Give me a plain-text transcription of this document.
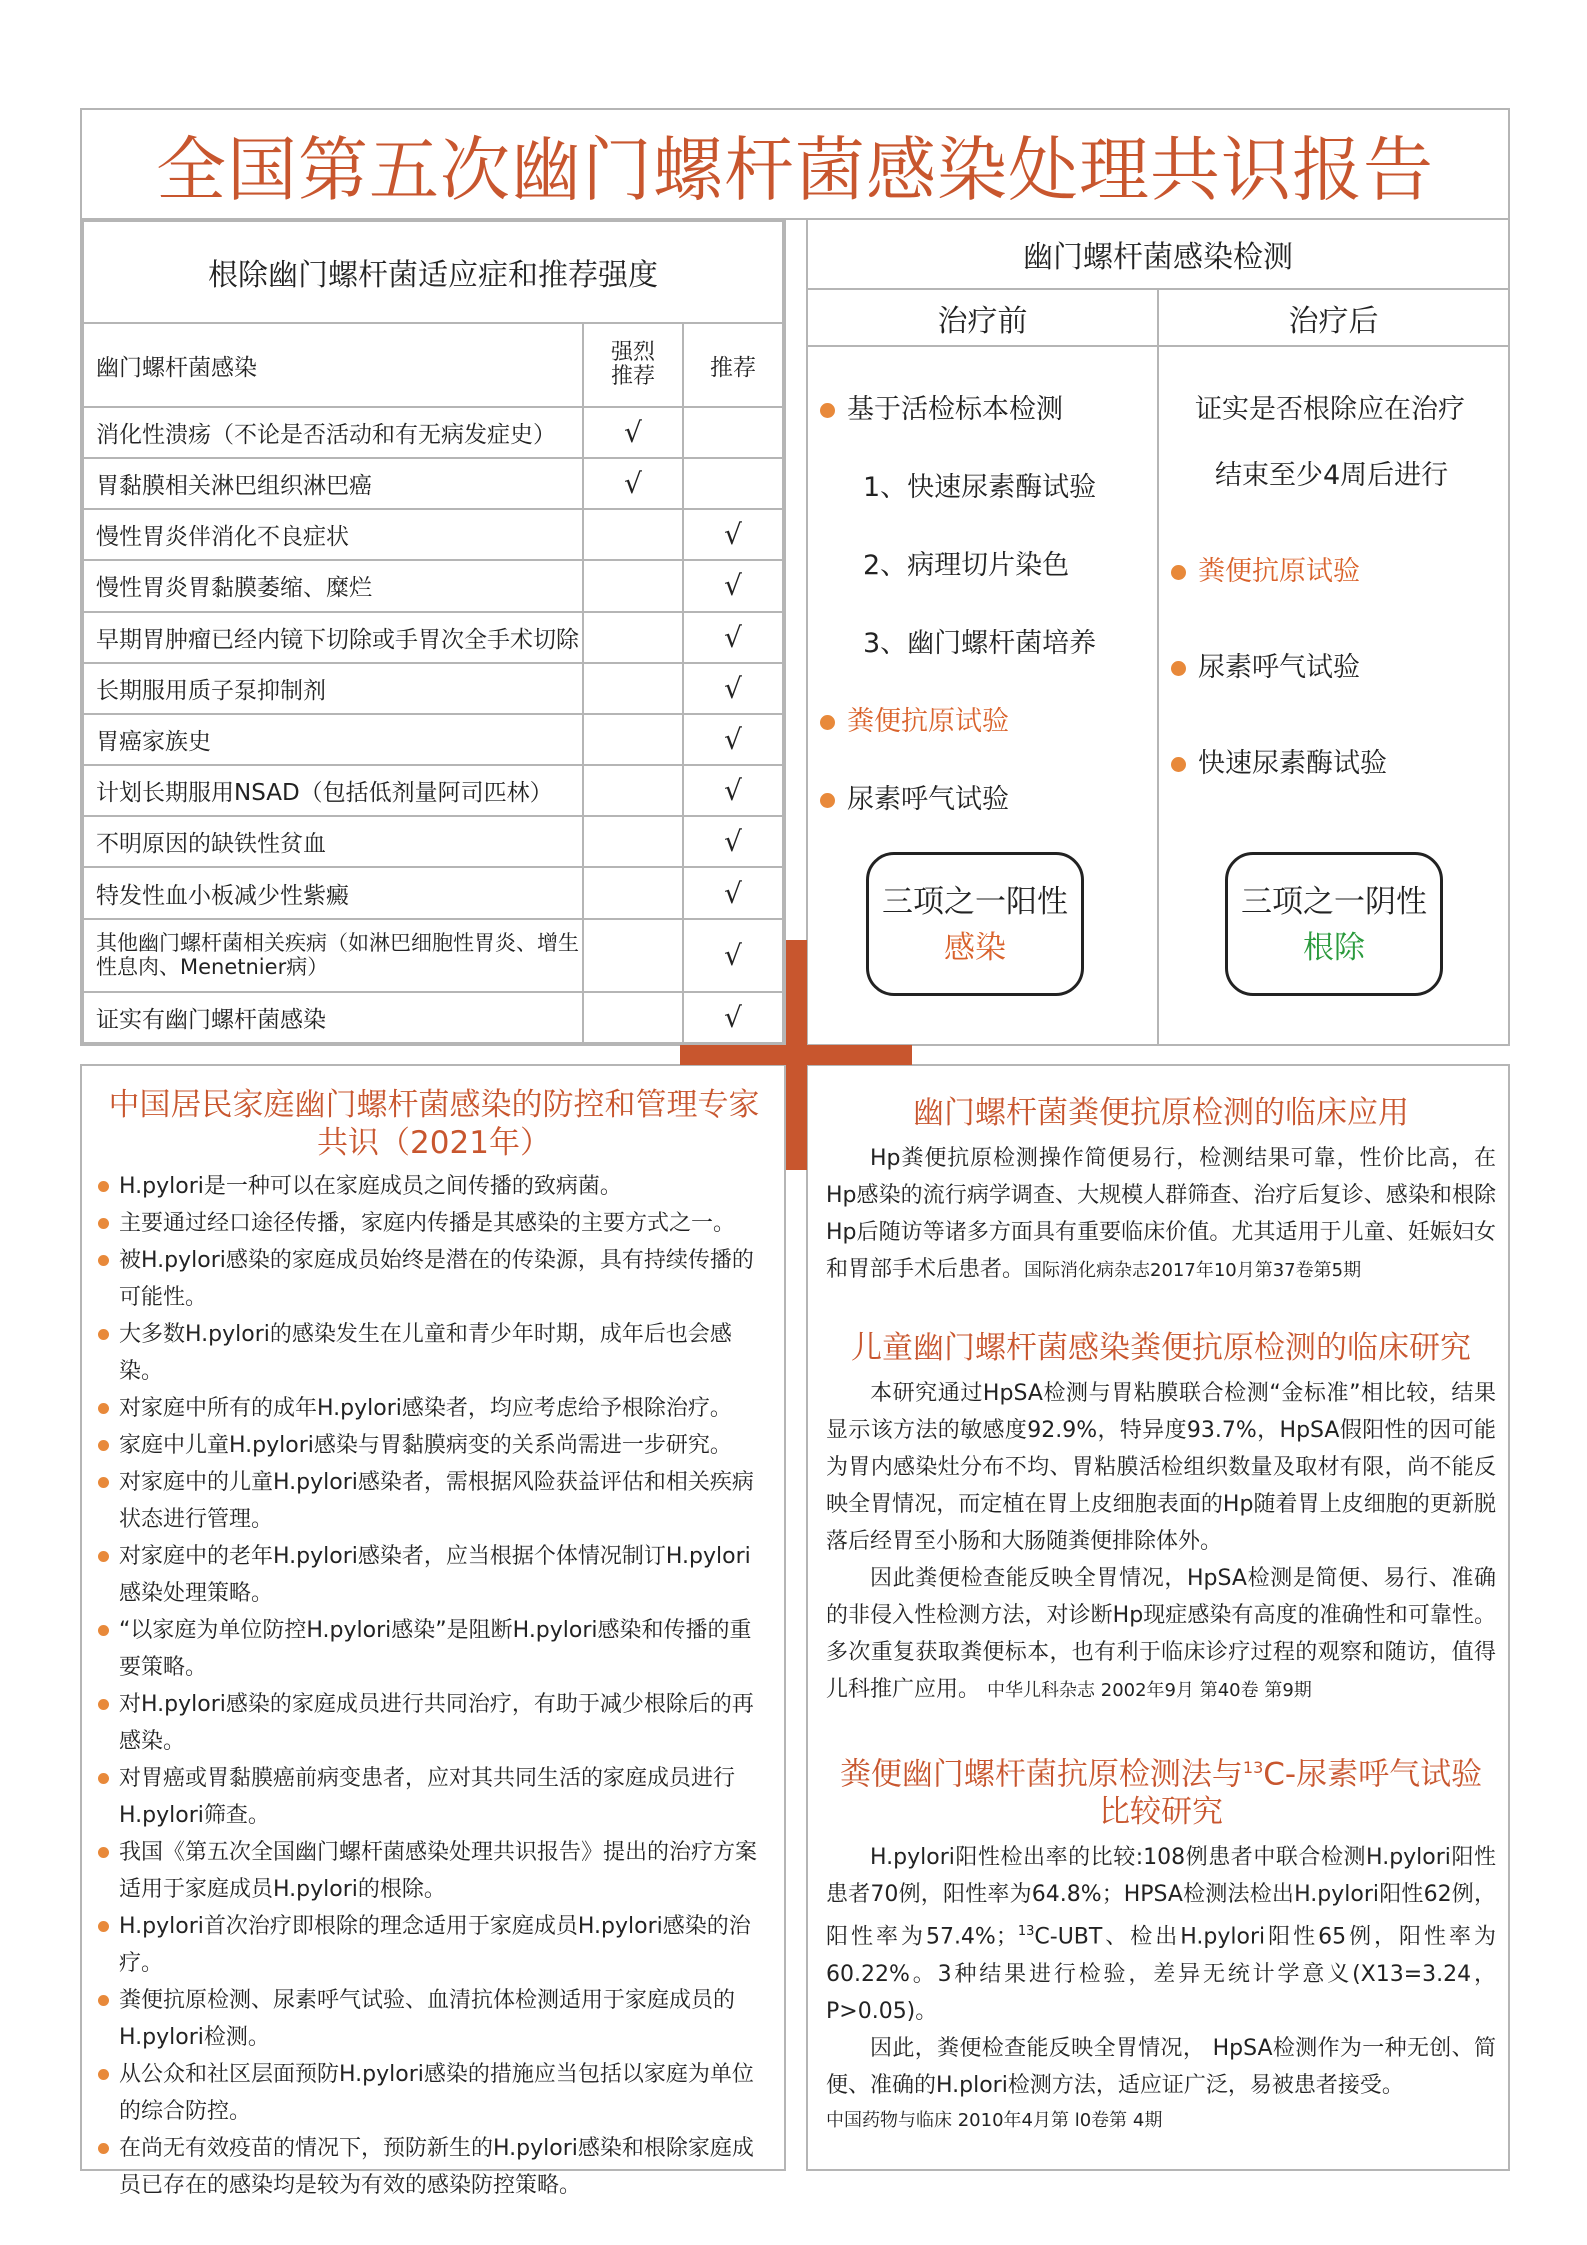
全国第五次幽门螺杆菌感染处理共识报告
根除幽门螺杆菌适应症和推荐强度		
幽门螺杆菌感染	强烈推荐	推荐
消化性溃疡（不论是否活动和有无病发症史）	√	
胃黏膜相关淋巴组织淋巴癌	√	
慢性胃炎伴消化不良症状		√
慢性胃炎胃黏膜萎缩、糜烂		√
早期胃肿瘤已经内镜下切除或手胃次全手术切除		√
长期服用质子泵抑制剂		√
胃癌家族史		√
计划长期服用NSAD（包括低剂量阿司匹林）		√
不明原因的缺铁性贫血		√
特发性血小板减少性紫癜		√
其他幽门螺杆菌相关疾病（如淋巴细胞性胃炎、增生性息肉、Menetnier病）		√
证实有幽门螺杆菌感染		√
幽门螺杆菌感染检测
治疗前	治疗后
基于活检标本检测
1、快速尿素酶试验
2、病理切片染色
3、幽门螺杆菌培养
粪便抗原试验
尿素呼气试验
三项之一阳性
感染
证实是否根除应在治疗
结束至少4周后进行
粪便抗原试验
尿素呼气试验
快速尿素酶试验
三项之一阴性
根除
中国居民家庭幽门螺杆菌感染的防控和管理专家共识（2021年）
H.pylori是一种可以在家庭成员之间传播的致病菌。
主要通过经口途径传播，家庭内传播是其感染的主要方式之一。
被H.pylori感染的家庭成员始终是潜在的传染源，具有持续传播的可能性。
大多数H.pylori的感染发生在儿童和青少年时期，成年后也会感染。
对家庭中所有的成年H.pylori感染者，均应考虑给予根除治疗。
家庭中儿童H.pylori感染与胃黏膜病变的关系尚需进一步研究。
对家庭中的儿童H.pylori感染者，需根据风险获益评估和相关疾病状态进行管理。
对家庭中的老年H.pylori感染者，应当根据个体情况制订H.pylori感染处理策略。
“以家庭为单位防控H.pylori感染”是阻断H.pylori感染和传播的重要策略。
对H.pylori感染的家庭成员进行共同治疗，有助于减少根除后的再感染。
对胃癌或胃黏膜癌前病变患者，应对其共同生活的家庭成员进行H.pylori筛查。
我国《第五次全国幽门螺杆菌感染处理共识报告》提出的治疗方案适用于家庭成员H.pylori的根除。
H.pylori首次治疗即根除的理念适用于家庭成员H.pylori感染的治疗。
粪便抗原检测、尿素呼气试验、血清抗体检测适用于家庭成员的H.pylori检测。
从公众和社区层面预防H.pylori感染的措施应当包括以家庭为单位的综合防控。
在尚无有效疫苗的情况下，预防新生的H.pylori感染和根除家庭成员已存在的感染均是较为有效的感染防控策略。
幽门螺杆菌粪便抗原检测的临床应用

Hp粪便抗原检测操作简便易行，检测结果可靠，性价比高，在Hp感染的流行病学调查、大规模人群筛查、治疗后复诊、感染和根除Hp后随访等诸多方面具有重要临床价值。尤其适用于儿童、妊娠妇女和胃部手术后患者。国际消化病杂志2017年10月第37卷第5期

儿童幽门螺杆菌感染粪便抗原检测的临床研究

本研究通过HpSA检测与胃粘膜联合检测“金标准”相比较，结果显示该方法的敏感度92.9%，特异度93.7%，HpSA假阳性的因可能为胃内感染灶分布不均、胃粘膜活检组织数量及取材有限，尚不能反映全胃情况，而定植在胃上皮细胞表面的Hp随着胃上皮细胞的更新脱落后经胃至小肠和大肠随粪便排除体外。

因此粪便检查能反映全胃情况，HpSA检测是简便、易行、准确的非侵入性检测方法，对诊断Hp现症感染有高度的准确性和可靠性。多次重复获取粪便标本，也有利于临床诊疗过程的观察和随访，值得儿科推广应用。 中华儿科杂志 2002年9月 第40卷 第9期

粪便幽门螺杆菌抗原检测法与$^{13}$C-尿素呼气试验比较研究

H.pylori阳性检出率的比较:108例患者中联合检测H.pylori阳性患者70例，阳性率为64.8%；HPSA检测法检出H.pylori阳性62例，阳性率为57.4%；$^{13}$C-UBT、检出H.pylori阳性65例，阳性率为60.22%。3种结果进行检验，差异无统计学意义(X13=3.24，P>0.05)。

因此，粪便检查能反映全胃情况， HpSA检测作为一种无创、简便、准确的H.plori检测方法，适应证广泛，易被患者接受。

中国药物与临床 2010年4月第 l0卷第 4期
